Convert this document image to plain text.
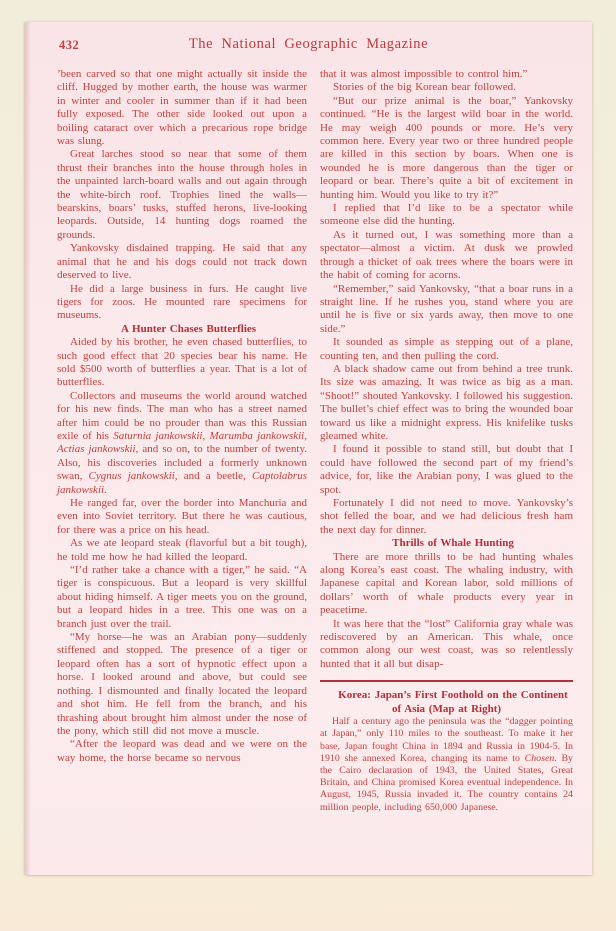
432	The National Geographic Magazine

’been carved so that one might actually sit inside the cliff. Hugged by mother earth, the house was warmer in winter and cooler in summer than if it had been fully exposed. The other side looked out upon a boiling cataract over which a precarious rope bridge was slung.

Great larches stood so near that some of them thrust their branches into the house through holes in the unpainted larch-board walls and out again through the white-birch roof. Trophies lined the walls—bearskins, boars’ tusks, stuffed herons, live-looking leopards. Outside, 14 hunting dogs roamed the grounds.

Yankovsky disdained trapping. He said that any animal that he and his dogs could not track down deserved to live.

He did a large business in furs. He caught live tigers for zoos. He mounted rare specimens for museums.

A Hunter Chases Butterflies

Aided by his brother, he even chased butterflies, to such good effect that 20 species bear his name. He sold $500 worth of butterflies a year. That is a lot of butterflies.

Collectors and museums the world around watched for his new finds. The man who has a street named after him could be no prouder than was this Russian exile of his Saturnia jankowskii, Marumba jankowskii, Actias jankowskii, and so on, to the number of twenty. Also, his discoveries included a formerly unknown swan, Cygnus jankowskii, and a beetle, Captolabrus jankowskii.

He ranged far, over the border into Manchuria and even into Soviet territory. But there he was cautious, for there was a price on his head.

As we ate leopard steak (flavorful but a bit tough), he told me how he had killed the leopard.

“I’d rather take a chance with a tiger,” he said. “A tiger is conspicuous. But a leopard is very skillful about hiding himself. A tiger meets you on the ground, but a leopard hides in a tree. This one was on a branch just over the trail.

“My horse—he was an Arabian pony—suddenly stiffened and stopped. The presence of a tiger or leopard often has a sort of hypnotic effect upon a horse. I looked around and above, but could see nothing. I dismounted and finally located the leopard and shot him. He fell from the branch, and his thrashing about brought him almost under the nose of the pony, which still did not move a muscle.

“After the leopard was dead and we were on the way home, the horse became so nervous

that it was almost impossible to control him.”

Stories of the big Korean bear followed.

“But our prize animal is the boar,” Yankovsky continued. “He is the largest wild boar in the world. He may weigh 400 pounds or more. He’s very common here. Every year two or three hundred people are killed in this section by boars. When one is wounded he is more dangerous than the tiger or leopard or bear. There’s quite a bit of excitement in hunting him. Would you like to try it?”

I replied that I’d like to be a spectator while someone else did the hunting.

As it turned out, I was something more than a spectator—almost a victim. At dusk we prowled through a thicket of oak trees where the boars were in the habit of coming for acorns.

“Remember,” said Yankovsky, “that a boar runs in a straight line. If he rushes you, stand where you are until he is five or six yards away, then move to one side.”

It sounded as simple as stepping out of a plane, counting ten, and then pulling the cord.

A black shadow came out from behind a tree trunk. Its size was amazing. It was twice as big as a man. “Shoot!” shouted Yankovsky. I followed his suggestion. The bullet’s chief effect was to bring the wounded boar toward us like a midnight express. His knifelike tusks gleamed white.

I found it possible to stand still, but doubt that I could have followed the second part of my friend’s advice, for, like the Arabian pony, I was glued to the spot.

Fortunately I did not need to move. Yankovsky’s shot felled the boar, and we had delicious fresh ham the next day for dinner.

Thrills of Whale Hunting

There are more thrills to be had hunting whales along Korea’s east coast. The whaling industry, with Japanese capital and Korean labor, sold millions of dollars’ worth of whale products every year in peacetime.

It was here that the “lost” California gray whale was rediscovered by an American. This whale, once common along our west coast, was so relentlessly hunted that it all but disap-

Korea: Japan’s First Foothold on the Continent of Asia (Map at Right)

Half a century ago the peninsula was the “dagger pointing at Japan,” only 110 miles to the southeast. To make it her base, Japan fought China in 1894 and Russia in 1904-5. In 1910 she annexed Korea, changing its name to Chosen. By the Cairo declaration of 1943, the United States, Great Britain, and China promised Korea eventual independence. In August, 1945, Russia invaded it. The country contains 24 million people, including 650,000 Japanese.
